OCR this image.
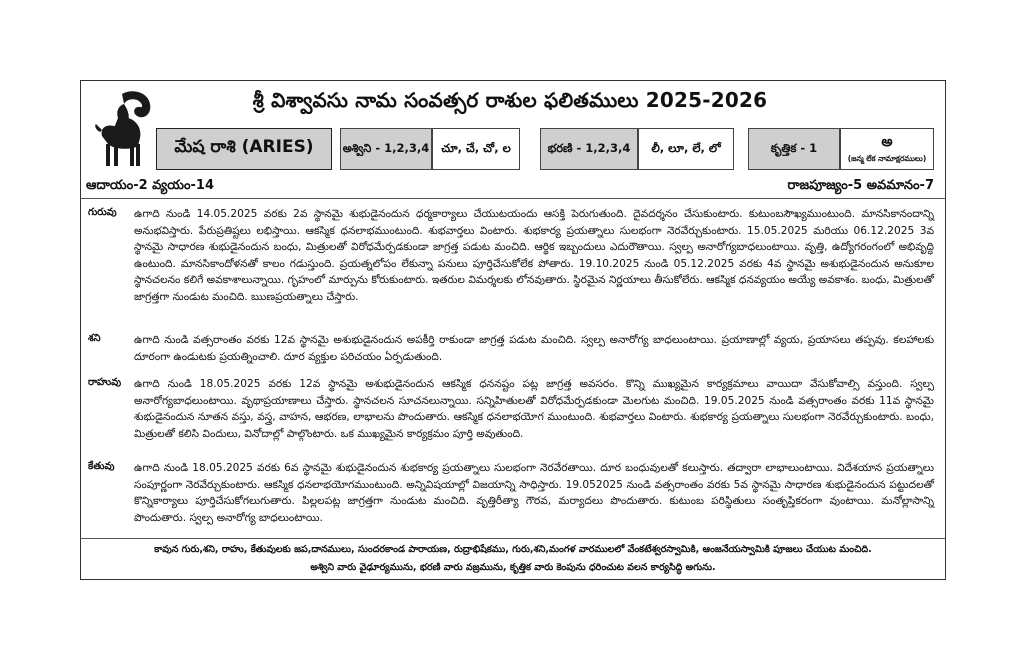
శ్రీ విశ్వావసు నామ సంవత్సర రాశుల ఫలితములు 2025-2026
మేష రాశి (ARIES)	అశ్విని - 1,2,3,4	చూ, చే, చో, ల	భరణి - 1,2,3,4	లీ, లూ, లే, లో	కృత్తిక - 1	అ
(జన్మ లేక నామాక్షరములు)
ఆదాయం-2 వ్యయం-14	రాజపూజ్యం-5 అవమానం-7
గురువు ఉగాది నుండి 14.05.2025 వరకు 2వ స్థానమై శుభుడైనందున ధర్మకార్యాలు చేయుటయందు ఆసక్తి పెరుగుతుంది. దైవదర్శనం చేసుకుంటారు. కుటుంబసౌఖ్యముంటుంది. మానసికానందాన్ని అనుభవిస్తారు. పేరుప్రతిష్టలు లభిస్తాయి. ఆకస్మిక ధనలాభముంటుంది. శుభవార్తలు వింటారు. శుభకార్య ప్రయత్నాలు సులభంగా నెరవేర్చుకుంటారు. 15.05.2025 మరియు 06.12.2025 3వ స్థానమై సాధారణ శుభుడైనందున బంధు, మిత్రులతో విరోధమేర్పడకుండా జాగ్రత్త పడుట మంచిది. ఆర్థిక ఇబ్బందులు ఎదురౌతాయి. స్వల్ప అనారోగ్యబాధలుంటాయి. వృత్తి, ఉద్యోగరంగంలో అభివృద్ధి ఉంటుంది. మానసికాందోళనతో కాలం గడుస్తుంది. ప్రయత్నలోపం లేకున్నా పనులు పూర్తిచేసుకోలేక పోతారు. 19.10.2025 నుండి 05.12.2025 వరకు 4వ స్థానమై అశుభుడైనందున అనుకూల స్థానచలనం కలిగే అవకాశాలున్నాయి. గృహంలో మార్పును కోరుకుంటారు. ఇతరుల విమర్శలకు లోనవుతారు. స్థిరమైన నిర్ణయాలు తీసుకోలేరు. ఆకస్మిక ధనవ్యయం అయ్యే అవకాశం. బంధు, మిత్రులతో జాగ్రత్తగా నుండుట మంచిది. ఋణప్రయత్నాలు చేస్తారు.
శని	ఉగాది నుండి వత్సరాంతం వరకు 12వ స్థానమై అశుభుడైనందున అపకీర్తి రాకుండా జాగ్రత్త పడుట మంచిది. స్వల్ప అనారోగ్య బాధలుంటాయి. ప్రయాణాల్లో వ్యయ, ప్రయాసలు తప్పవు. కలహాలకు దూరంగా ఉండుటకు ప్రయత్నించాలి. దూర వ్యక్తుల పరిచయం ఏర్పడుతుంది.
రాహువు ఉగాది నుండి 18.05.2025 వరకు 12వ స్థానమై అశుభుడైనందున ఆకస్మిక ధననష్టం పట్ల జాగ్రత్త అవసరం. కొన్ని ముఖ్యమైన కార్యక్రమాలు వాయిదా వేసుకోవాల్సి వస్తుంది. స్వల్ప అనారోగ్యబాధలుంటాయి. వృథాప్రయాణాలు చేస్తారు. స్థానచలన సూచనలున్నాయి. సన్నిహితులతో విరోధమేర్పడకుండా మెలగుట మంచిది. 19.05.2025 నుండి వత్సరాంతం వరకు 11వ స్థానమై శుభుడైనందున నూతన వస్తు, వస్త్ర, వాహన, ఆభరణ, లాభాలను పొందుతారు. ఆకస్మిక ధనలాభయోగ ముంటుంది. శుభవార్తలు వింటారు. శుభకార్య ప్రయత్నాలు సులభంగా నెరవేర్చుకుంటారు. బంధు, మిత్రులతో కలిసి విందులు, వినోదాల్లో పాల్గొంటారు. ఒక ముఖ్యమైన కార్యక్రమం పూర్తి అవుతుంది.
కేతువు ఉగాది నుండి 18.05.2025 వరకు 6వ స్థానమై శుభుడైనందున శుభకార్య ప్రయత్నాలు సులభంగా నెరవేరతాయి. దూర బంధువులతో కలుస్తారు. తద్వారా లాభాలుంటాయి. విదేశయాన ప్రయత్నాలు సంపూర్ణంగా నెరవేర్చుకుంటారు. ఆకస్మిక ధనలాభయోగముంటుంది. అన్నివిషయాల్లో విజయాన్ని సాధిస్తారు. 19.052025 నుండి వత్సరాంతం వరకు 5వ స్థానమై సాధారణ శుభుడైనందున పట్టుదలతో కొన్నికార్యాలు పూర్తిచేసుకోగలుగుతారు. పిల్లలపట్ల జాగ్రత్తగా నుండుట మంచిది. వృత్తిరీత్యా గౌరవ, మర్యాదలు పొందుతారు. కుటుంబ పరిస్థితులు సంతృప్తికరంగా వుంటాయి. మనోల్లాసాన్ని పొందుతారు. స్వల్ప అనారోగ్య బాధలుంటాయి.
కావున గురు,శని, రాహు, కేతువులకు జప,దానములు, సుందరకాండ పారాయణ, రుద్రాభిషేకము, గురు,శని,మంగళ వారములలో వేంకటేశ్వరస్వామికి, ఆంజనేయస్వామికి పూజలు చేయుట మంచిది.
అశ్విని వారు వైఢూర్యమును, భరణి వారు వజ్రమును, కృత్తిక వారు కెంపును ధరించుట వలన కార్యసిద్ధి అగును.
